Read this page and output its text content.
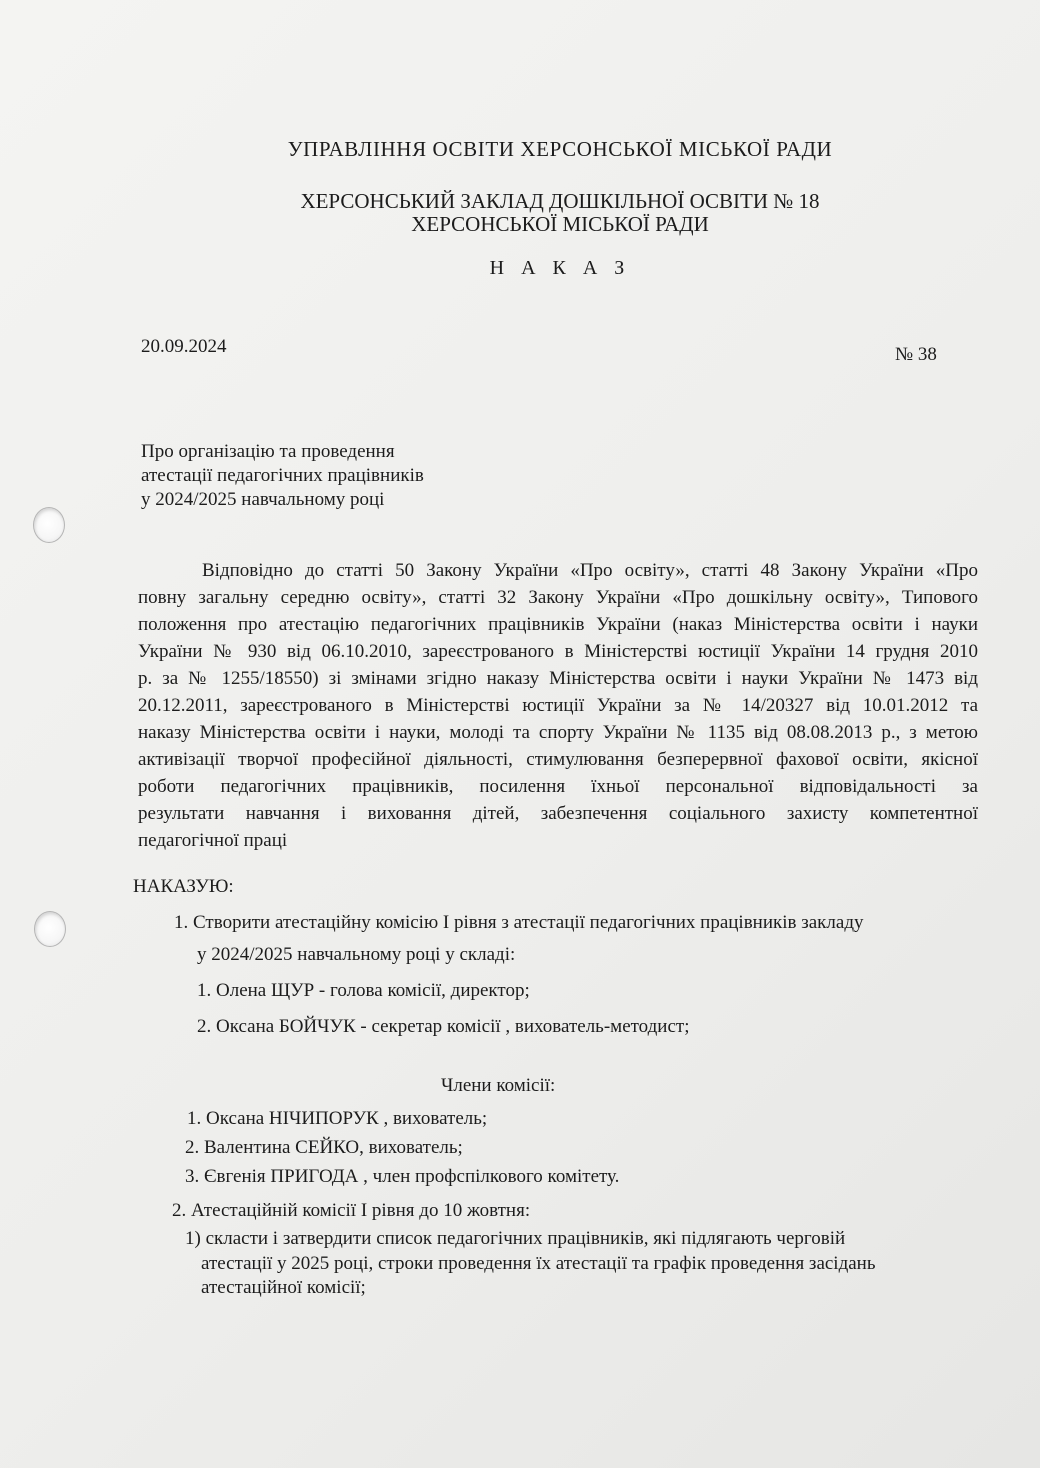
УПРАВЛІННЯ ОСВІТИ ХЕРСОНСЬКОЇ МІСЬКОЇ РАДИ
ХЕРСОНСЬКИЙ ЗАКЛАД ДОШКІЛЬНОЇ ОСВІТИ № 18
ХЕРСОНСЬКОЇ МІСЬКОЇ РАДИ
Н А К А З
20.09.2024	№ 38
Про організацію та проведення
атестації педагогічних працівників
у 2024/2025 навчальному році
Відповідно до статті 50 Закону України «Про освіту», статті 48 Закону України «Про
повну загальну середню освіту», статті 32 Закону України «Про дошкільну освіту», Типового
положення про атестацію педагогічних працівників України (наказ Міністерства освіти і науки
України № 930 від 06.10.2010, зареєстрованого в Міністерстві юстиції України 14 грудня 2010
р. за № 1255/18550) зі змінами згідно наказу Міністерства освіти і науки України № 1473 від
20.12.2011, зареєстрованого в Міністерстві юстиції України за № 14/20327 від 10.01.2012 та
наказу Міністерства освіти і науки, молоді та спорту України № 1135 від 08.08.2013 р., з метою
активізації творчої професійної діяльності, стимулювання безперервної фахової освіти, якісної
роботи педагогічних працівників, посилення їхньої персональної відповідальності за
результати навчання і виховання дітей, забезпечення соціального захисту компетентної
педагогічної праці
НАКАЗУЮ:
1. Створити атестаційну комісію І рівня з атестації педагогічних працівників закладу
у 2024/2025 навчальному році у складі:
1. Олена ЩУР - голова комісії, директор;
2. Оксана БОЙЧУК - секретар комісії , вихователь-методист;
Члени комісії:
1. Оксана НІЧИПОРУК , вихователь;
2. Валентина СЕЙКО, вихователь;
3. Євгенія ПРИГОДА , член профспілкового комітету.
2. Атестаційній комісії І рівня до 10 жовтня:
1) скласти і затвердити список педагогічних працівників, які підлягають черговій
атестації у 2025 році, строки проведення їх атестації та графік проведення засідань
атестаційної комісії;
